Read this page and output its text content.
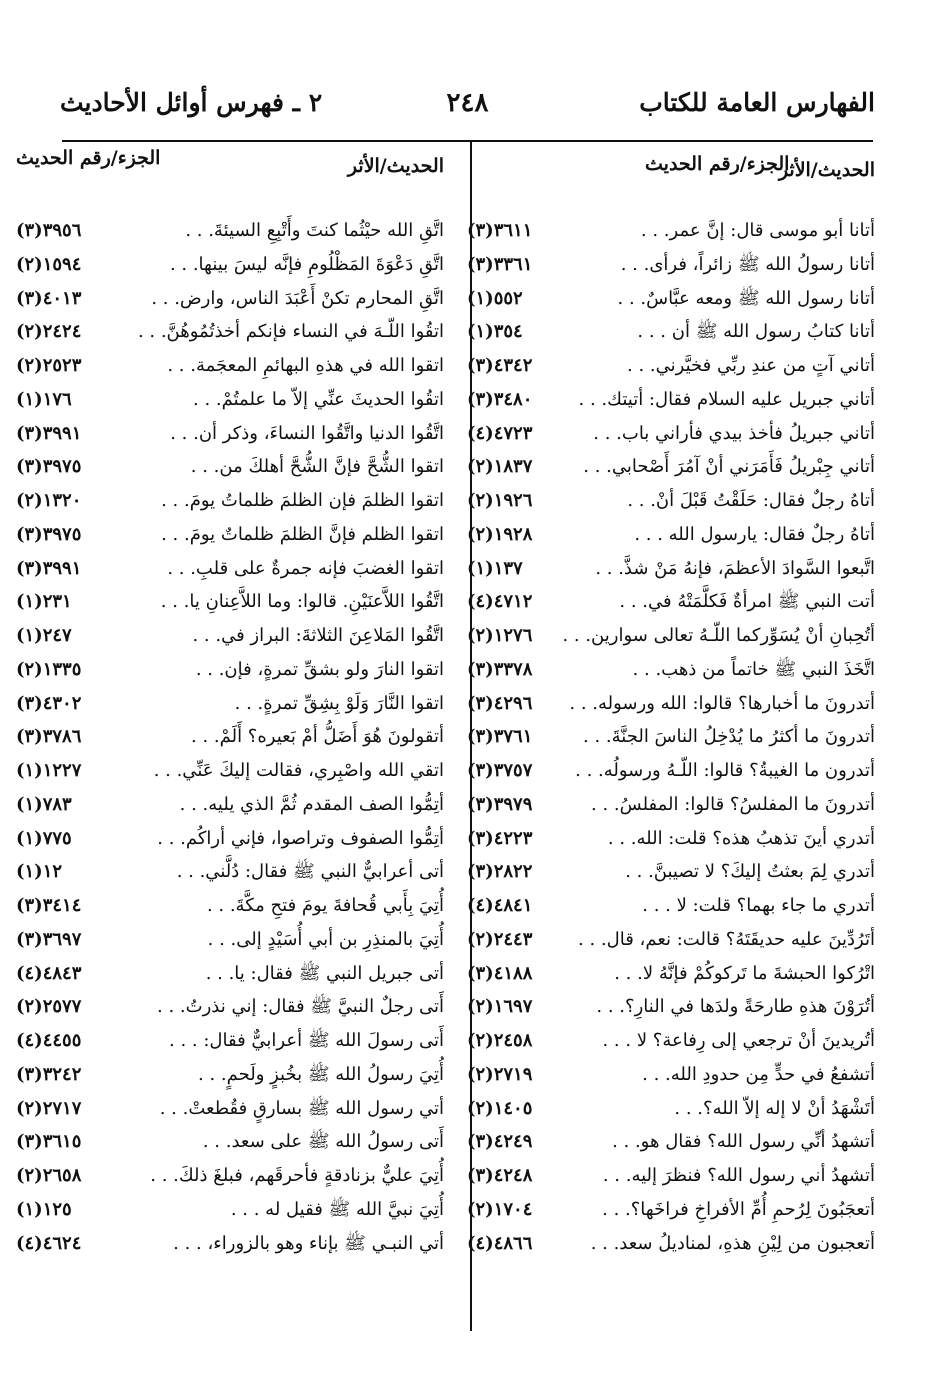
الفهارس العامة للكتاب
٢٤٨
٢ ـ فهرس أوائل الأحاديث
الحديث/الأثر
الجزء/رقم الحديث
أتانا أبو موسى قال: إنَّ عمر. . .
(٣)٣٦١١
أتانا رسولُ الله ﷺ زائراً، فرأى. . .
(٣)٣٣٦١
أتانا رسول الله ﷺ ومعه عبَّاسٌ. . .
(١)٥٥٢
أتانا كتابُ رسول الله ﷺ أن . . .
(١)٣٥٤
أتاني آتٍ من عندِ ربِّي فخيَّرني. . .
(٣)٤٣٤٢
أتاني جبريل عليه السلام فقال: أتيتك. . .
(٣)٣٤٨٠
أتاني جبريلُ فأخذ بيدي فأراني باب. . .
(٤)٤٧٢٣
أتاني جِبْريلُ فَأَمَرَني أنْ آمُرَ أَصْحابي. . .
(٢)١٨٣٧
أتاهُ رجلٌ فقال: حَلَقْتُ قَبْلَ أنْ. . .
(٢)١٩٢٦
أتاهُ رجلٌ فقال: يارسول الله . . .
(٢)١٩٢٨
اتَّبعوا السَّوادَ الأعظمَ، فإنهُ مَنْ شذَّ. . .
(١)١٣٧
أتت النبي ﷺ امرأةٌ فَكلَّمَتْهُ في. . .
(٤)٤٧١٢
أتُحِبانِ أنْ يُسَوِّركما اللّـهُ تعالى سوارين. . .
(٢)١٢٧٦
اتَّخَذَ النبي ﷺ خاتماً من ذهب. . .
(٣)٣٣٧٨
أتدرونَ ما أخبارها؟ قالوا: الله ورسوله. . .
(٣)٤٢٩٦
أتدرونَ ما أكثرُ ما يُدْخِلُ الناسَ الجنَّةَ. . .
(٣)٣٧٦١
أتدرون ما الغيبةُ؟ قالوا: اللّـهُ ورسولُه. . .
(٣)٣٧٥٧
أتدرونَ ما المفلسُ؟ قالوا: المفلسُ. . .
(٣)٣٩٧٩
أتدري أينَ تذهبُ هذه؟ قلت: الله. . .
(٣)٤٢٢٣
أتدري لِمَ بعثتُ إليكَ؟ لا تصيبنَّ. . .
(٣)٢٨٢٢
أتدري ما جاء بهما؟ قلت: لا . . .
(٤)٤٨٤١
أتَرُدِّينَ عليه حديقَتَهُ؟ قالت: نعم، قال. . .
(٢)٢٤٤٣
اتْرُكوا الحبشةَ ما تَركوكُمْ فإنَّهُ لا. . .
(٣)٤١٨٨
أتُرَوْنَ هذهِ طارحَةً ولدَها في النارِ؟. . .
(٢)١٦٩٧
أتُريدينَ أنْ ترجعي إلى رِفاعة؟ لا . . .
(٢)٢٤٥٨
أتشفعُ في حدٍّ مِن حدودِ الله. . .
(٢)٢٧١٩
أتَشْهَدُ أنْ لا إله إلاّ الله؟. . .
(٢)١٤٠٥
أتشهدُ أنِّي رسول الله؟ فقال هو. . .
(٣)٤٢٤٩
أتشهدُ أني رسول الله؟ فنظرَ إليه. . .
(٣)٤٢٤٨
أتعجَبُونَ لِرُحمِ أُمِّ الأفراخِ فراخَها؟. . .
(٢)١٧٠٤
أتعجبون من لِيْنِ هذهِ، لمناديلُ سعد. . .
(٤)٤٨٦٦
الحديث/الأثر
الجزء/رقم الحديث
اتَّقِ الله حيْثُما كنتَ وأَتْبِعِ السيئةَ. . .
(٣)٣٩٥٦
اتَّقِ دَعْوَةَ المَظْلُومِ فإنَّه ليسَ بينها. . .
(٢)١٥٩٤
اتَّقِ المحارم تكنْ أَعْبَدَ الناس، وارض. . .
(٣)٤٠١٣
اتقُوا اللّـهَ في النساء فإنكم أخذتُمُوهُنَّ. . .
(٢)٢٤٢٤
اتقوا الله في هذهِ البهائمِ المعجَمة. . .
(٢)٢٥٢٣
اتقُوا الحديثَ عنِّي إلاّ ما علمتُمْ. . .
(١)١٧٦
اتَّقُوا الدنيا واتَّقُوا النساءَ، وذكر أن. . .
(٣)٣٩٩١
اتقوا الشُّحَّ فإنَّ الشُّحَّ أهلكَ من. . .
(٣)٣٩٧٥
اتقوا الظلمَ فإن الظلمَ ظلماتُ يومَ. . .
(٢)١٣٢٠
اتقوا الظلم فإنَّ الظلمَ ظلماتٌ يومَ. . .
(٣)٣٩٧٥
اتقوا الغضبَ فإنه جمرةٌ على قلبِ. . .
(٣)٣٩٩١
اتَّقُوا اللاَّعنَيْنِ. قالوا: وما اللاَّعِنانِ يا. . .
(١)٢٣١
اتَّقُوا المَلاعِنَ الثلاثةَ: البراز في. . .
(١)٢٤٧
اتقوا النارَ ولو بشقِّ تمرةٍ، فإن. . .
(٢)١٣٣٥
اتقوا النَّارَ وَلَوْ بِشِقِّ تمرةٍ. . .
(٣)٤٣٠٢
أتقولونَ هُوَ أَضَلُّ أمْ بَعيره؟ أَلَمْ. . .
(٣)٣٧٨٦
اتقي الله واصْبِري، فقالت إليكَ عَنِّي. . .
(١)١٢٢٧
أتِمُّوا الصف المقدم ثُمَّ الذي يليه. . .
(١)٧٨٣
أتِمُّوا الصفوف وتراصوا، فإني أراكُم. . .
(١)٧٧٥
أتى أعرابيٌّ النبي ﷺ فقال: دُلَّني. . .
(١)١٢
أُتِيَ بِأَبي قُحافةَ يومَ فتحِ مكَّةَ. . .
(٣)٣٤١٤
أُتِيَ بالمنذِرِ بن أبي أُسَيْدٍ إلى. . .
(٣)٣٦٩٧
أتى جبريل النبي ﷺ فقال: يا. . .
(٤)٤٨٤٣
أَتى رجلٌ النبيَّ ﷺ فقال: إني نذرتُ. . .
(٢)٢٥٧٧
أَتى رسولَ الله ﷺ أعرابيٌّ فقال: . . .
(٤)٤٤٥٥
أُتِيَ رسولُ الله ﷺ بخُبزٍ ولَحمٍ. . .
(٣)٣٢٤٢
أتي رسول الله ﷺ بسارقٍ فقُطعتْ. . .
(٢)٢٧١٧
أَتى رسولُ الله ﷺ على سعد. . .
(٣)٣٦١٥
أُتِيَ عليٌّ بزنادقةٍ فأحرقَهم، فبلغَ ذلكَ. . .
(٢)٢٦٥٨
أُتِيَ نبيَّ الله ﷺ فقيل له . . .
(١)١٢٥
أتي النبـي ﷺ بإناء وهو بالزوراء، . . .
(٤)٤٦٢٤
